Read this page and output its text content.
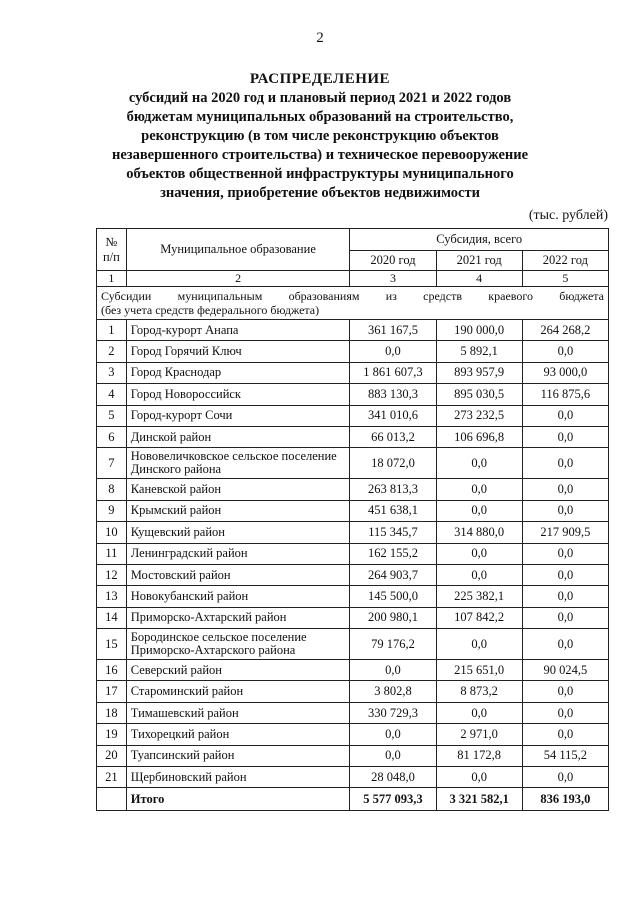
2
РАСПРЕДЕЛЕНИЕ
субсидий на 2020 год и плановый период 2021 и 2022 годов
бюджетам муниципальных образований на строительство,
реконструкцию (в том числе реконструкцию объектов
незавершенного строительства) и техническое перевооружение
объектов общественной инфраструктуры муниципального
значения, приобретение объектов недвижимости
(тыс. рублей)
№ п/п	Муниципальное образование	Субсидия, всего		
		2020 год	2021 год	2022 год
1	2	3	4	5

Субсидии муниципальным образованиям из средств краевого бюджета
(без учета средств федерального бюджета)				
1	Город-курорт Анапа	361 167,5	190 000,0	264 268,2
2	Город Горячий Ключ	0,0	5 892,1	0,0
3	Город Краснодар	1 861 607,3	893 957,9	93 000,0
4	Город Новороссийск	883 130,3	895 030,5	116 875,6
5	Город-курорт Сочи	341 010,6	273 232,5	0,0
6	Динской район	66 013,2	106 696,8	0,0
7	Нововеличковское сельское поселение Динского района	18 072,0	0,0	0,0
8	Каневской район	263 813,3	0,0	0,0
9	Крымский район	451 638,1	0,0	0,0
10	Кущевский район	115 345,7	314 880,0	217 909,5
11	Ленинградский район	162 155,2	0,0	0,0
12	Мостовский район	264 903,7	0,0	0,0
13	Новокубанский район	145 500,0	225 382,1	0,0
14	Приморско-Ахтарский район	200 980,1	107 842,2	0,0
15	Бородинское сельское поселение Приморско-Ахтарского района	79 176,2	0,0	0,0
16	Северский район	0,0	215 651,0	90 024,5
17	Староминский район	3 802,8	8 873,2	0,0
18	Тимашевский район	330 729,3	0,0	0,0
19	Тихорецкий район	0,0	2 971,0	0,0
20	Туапсинский район	0,0	81 172,8	54 115,2
21	Щербиновский район	28 048,0	0,0	0,0
	Итого	5 577 093,3	3 321 582,1	836 193,0
